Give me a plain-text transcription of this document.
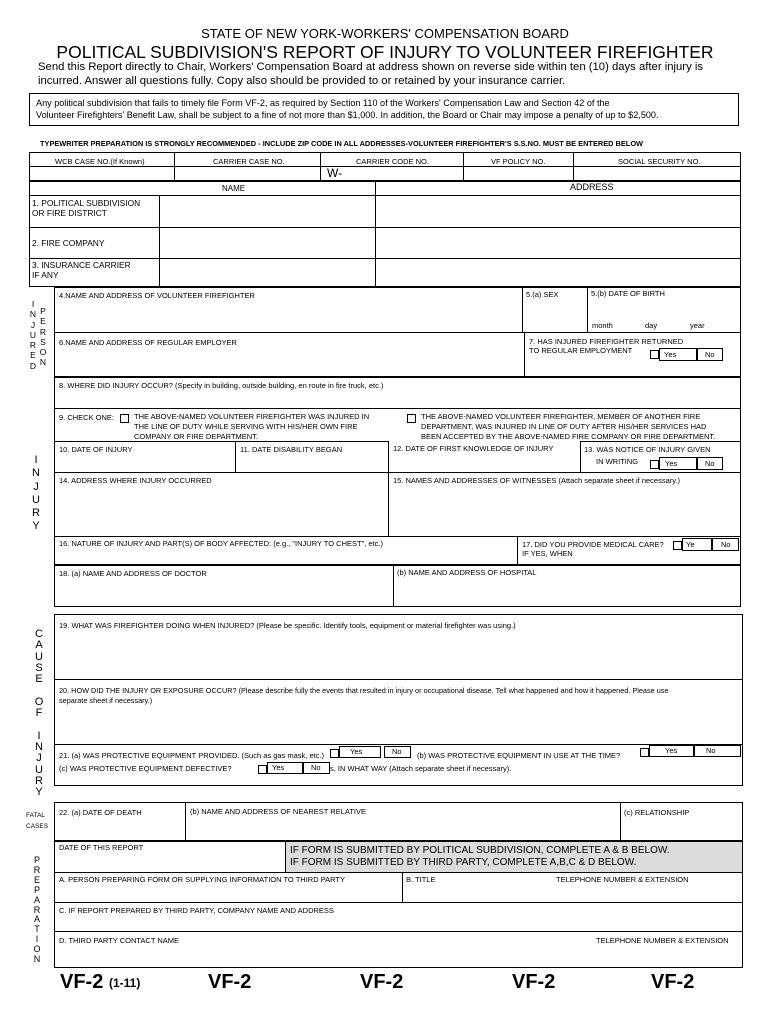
STATE OF NEW YORK-WORKERS' COMPENSATION BOARD
POLITICAL SUBDIVISION'S REPORT OF INJURY TO VOLUNTEER FIREFIGHTER
Send this Report directly to Chair, Workers' Compensation Board at address shown on reverse side within ten (10) days after injury is
incurred. Answer all questions fully. Copy also should be provided to or retained by your insurance carrier.
Any political subdivision that fails to timely file Form VF-2, as required by Section 110 of the Workers' Compensation Law and Section 42 of the
Volunteer Firefighters' Benefit Law, shall be subject to a fine of not more than $1,000. In addition, the Board or Chair may impose a penalty of up to $2,500.
TYPEWRITER PREPARATION IS STRONGLY RECOMMENDED - INCLUDE ZIP CODE IN ALL ADDRESSES-VOLUNTEER FIREFIGHTER'S S.S.NO. MUST BE ENTERED BELOW
WCB CASE NO.(If Known)	CARRIER CASE NO.	CARRIER CODE NO.	VF POLICY NO.	SOCIAL SECURITY NO.
W-
NAME	ADDRESS
1. POLITICAL SUBDIVISION
OR FIRE DISTRICT
2. FIRE COMPANY
3. INSURANCE CARRIER
IF ANY
I
N
J
U
R
E
D
P
E
R
S
O
N
4.NAME AND ADDRESS OF VOLUNTEER FIREFIGHTER	5.(a) SEX	5.(b) DATE OF BIRTH
month	day	year
6.NAME AND ADDRESS OF REGULAR EMPLOYER	7. HAS INJURED FIREFIGHTER RETURNED
TO REGULAR EMPLOYMENT	Yes	No
I
N
J
U
R
Y
8. WHERE DID INJURY OCCUR? (Specify in building, outside building, en route in fire truck, etc.)
9. CHECK ONE:	THE ABOVE-NAMED VOLUNTEER FIREFIGHTER WAS INJURED IN
THE LINE OF DUTY WHILE SERVING WITH HIS/HER OWN FIRE
COMPANY OR FIRE DEPARTMENT.
THE ABOVE-NAMED VOLUNTEER FIREFIGHTER, MEMBER OF ANOTHER FIRE
DEPARTMENT, WAS INJURED IN LINE OF DUTY AFTER HIS/HER SERVICES HAD
BEEN ACCEPTED BY THE ABOVE-NAMED FIRE COMPANY OR FIRE DEPARTMENT.
10. DATE OF INJURY	11. DATE DISABILITY BEGAN	12. DATE OF FIRST KNOWLEDGE OF INJURY	13. WAS NOTICE OF INJURY GIVEN
IN WRITING	Yes	No
14. ADDRESS WHERE INJURY OCCURRED	15. NAMES AND ADDRESSES OF WITNESSES (Attach separate sheet if necessary.)
16. NATURE OF INJURY AND PART(S) OF BODY AFFECTED: (e.g., "INJURY TO CHEST", etc.)	17. DID YOU PROVIDE MEDICAL CARE?
IF YES, WHEN
Ye	No
18. (a) NAME AND ADDRESS OF DOCTOR	(b) NAME AND ADDRESS OF HOSPITAL
C
A
U
S
E

O
F

I
N
J
U
R
Y
19. WHAT WAS FIREFIGHTER DOING WHEN INJURED? (Please be specific. Identify tools, equipment or material firefighter was using.)
20. HOW DID THE INJURY OR EXPOSURE OCCUR? (Please describe fully the events that resulted in injury or occupational disease. Tell what happened and how it happened. Please use
separate sheet if necessary.)
21. (a) WAS PROTECTIVE EQUIPMENT PROVIDED. (Such as gas mask, etc.)	Yes	No (b) WAS PROTECTIVE EQUIPMENT IN USE AT THE TIME?
Yes	No
(c) WAS PROTECTIVE EQUIPMENT DEFECTIVE?	Yes	No s, IN WHAT WAY (Attach separate sheet if necessary).
FATAL
CASES
22. (a) DATE OF DEATH	(b) NAME AND ADDRESS OF NEAREST RELATIVE	(c) RELATIONSHIP
P
R
E
P
A
R
A
T
I
O
N
DATE OF THIS REPORT	IF FORM IS SUBMITTED BY POLITICAL SUBDIVISION, COMPLETE A & B BELOW.
IF FORM IS SUBMITTED BY THIRD PARTY, COMPLETE A,B,C & D BELOW.
A. PERSON PREPARING FORM OR SUPPLYING INFORMATION TO THIRD PARTY	B. TITLE	TELEPHONE NUMBER & EXTENSION
C. IF REPORT PREPARED BY THIRD PARTY, COMPANY NAME AND ADDRESS
D. THIRD PARTY CONTACT NAME	TELEPHONE NUMBER & EXTENSION
VF-2 (1-11)	VF-2	VF-2	VF-2	VF-2
